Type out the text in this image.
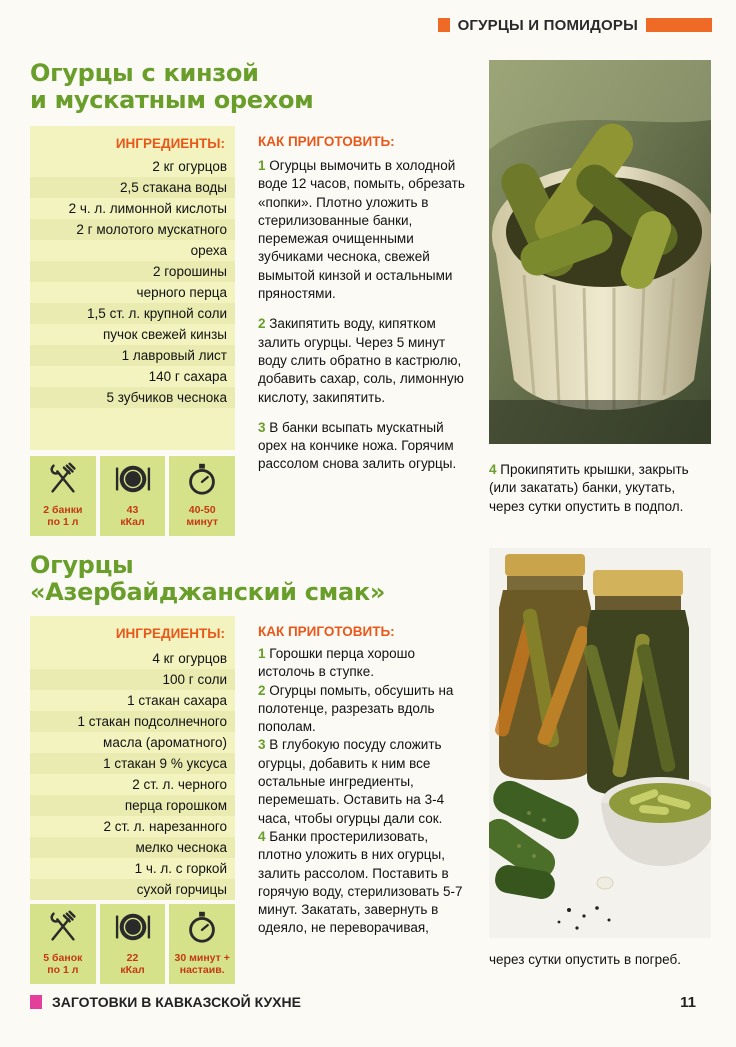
ОГУРЦЫ И ПОМИДОРЫ
Огурцы с кинзой
и мускатным орехом
ИНГРЕДИЕНТЫ:
2 кг огурцов
2,5 стакана воды
2 ч. л. лимонной кислоты
2 г молотого мускатного
ореха
2 горошины
черного перца
1,5 ст. л. крупной соли
пучок свежей кинзы
1 лавровый лист
140 г сахара
5 зубчиков чеснока
2 банки
по 1 л
43
кКал
40-50
минут
КАК ПРИГОТОВИТЬ:

1 Огурцы вымочить в холодной воде 12 часов, помыть, обрезать «попки». Плотно уложить в стерилизованные банки, перемежая очищенными зубчиками чеснока, свежей вымытой кинзой и остальными пряностями.

2 Закипятить воду, кипятком залить огурцы. Через 5 минут воду слить обратно в кастрюлю, добавить сахар, соль, лимонную кислоту, закипятить.

3 В банки всыпать мускатный орех на кончике ножа. Горячим рассолом снова залить огурцы.	4 Прокипятить крышки, закрыть (или закатать) банки, укутать, через сутки опустить в подпол.
Огурцы
«Азербайджанский смак»
ИНГРЕДИЕНТЫ:
4 кг огурцов
100 г соли
1 стакан сахара
1 стакан подсолнечного
масла (ароматного)
1 стакан 9 % уксуса
2 ст. л. черного
перца горошком
2 ст. л. нарезанного
мелко чеснока
1 ч. л. с горкой
сухой горчицы
5 банок
по 1 л
22
кКал
30 минут +
настаив.
КАК ПРИГОТОВИТЬ:

1 Горошки перца хорошо истолочь в ступке.

2 Огурцы помыть, обсушить на полотенце, разрезать вдоль пополам.

3 В глубокую посуду сложить огурцы, добавить к ним все остальные ингредиенты, перемешать. Оставить на 3-4 часа, чтобы огурцы дали сок.

4 Банки простерилизовать, плотно уложить в них огурцы, залить рассолом. Поставить в горячую воду, стерилизовать 5-7 минут. Закатать, завернуть в одеяло, не переворачивая,

через сутки опустить в погреб.
ЗАГОТОВКИ В КАВКАЗСКОЙ КУХНЕ	11
